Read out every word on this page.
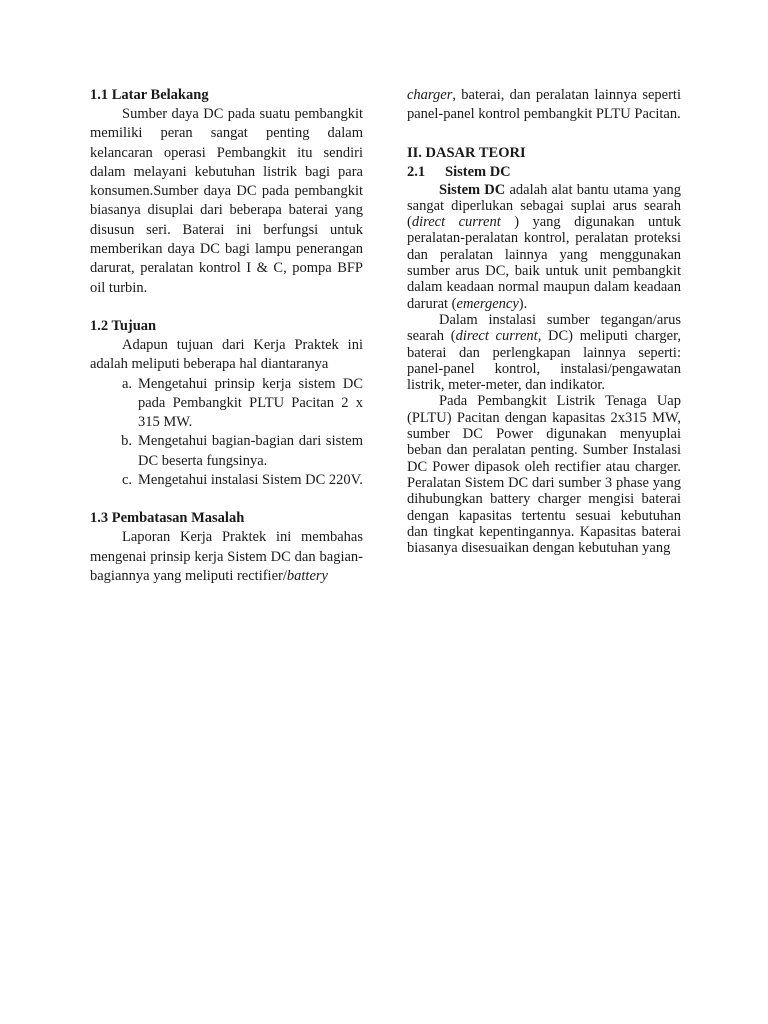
1.1 Latar Belakang

Sumber daya DC pada suatu pembangkit memiliki peran sangat penting dalam kelancaran operasi Pembangkit itu sendiri dalam melayani kebutuhan listrik bagi para konsumen.Sumber daya DC pada pembangkit biasanya disuplai dari beberapa baterai yang disusun seri. Baterai ini berfungsi untuk memberikan daya DC bagi lampu penerangan darurat, peralatan kontrol I & C, pompa BFP oil turbin.

1.2 Tujuan

Adapun tujuan dari Kerja Praktek ini adalah meliputi beberapa hal diantaranya

a. Mengetahui prinsip kerja sistem DC pada Pembangkit PLTU Pacitan 2 x 315 MW.
b. Mengetahui bagian-bagian dari sistem DC beserta fungsinya.
c. Mengetahui instalasi Sistem DC 220V.

1.3 Pembatasan Masalah

Laporan Kerja Praktek ini membahas mengenai prinsip kerja Sistem DC dan bagian-bagiannya yang meliputi rectifier/battery

charger, baterai, dan peralatan lainnya seperti panel-panel kontrol pembangkit PLTU Pacitan.

II. DASAR TEORI

2.1	Sistem DC

Sistem DC adalah alat bantu utama yang sangat diperlukan sebagai suplai arus searah (direct current ) yang digunakan untuk peralatan-peralatan kontrol, peralatan proteksi dan peralatan lainnya yang menggunakan sumber arus DC, baik untuk unit pembangkit dalam keadaan normal maupun dalam keadaan darurat (emergency).

Dalam instalasi sumber tegangan/arus searah (direct current, DC) meliputi charger, baterai dan perlengkapan lainnya seperti: panel-panel kontrol, instalasi/pengawatan listrik, meter-meter, dan indikator.

Pada Pembangkit Listrik Tenaga Uap (PLTU) Pacitan dengan kapasitas 2x315 MW, sumber DC Power digunakan menyuplai beban dan peralatan penting. Sumber Instalasi DC Power dipasok oleh rectifier atau charger. Peralatan Sistem DC dari sumber 3 phase yang dihubungkan battery charger mengisi baterai dengan kapasitas tertentu sesuai kebutuhan dan tingkat kepentingannya. Kapasitas baterai biasanya disesuaikan dengan kebutuhan yang
